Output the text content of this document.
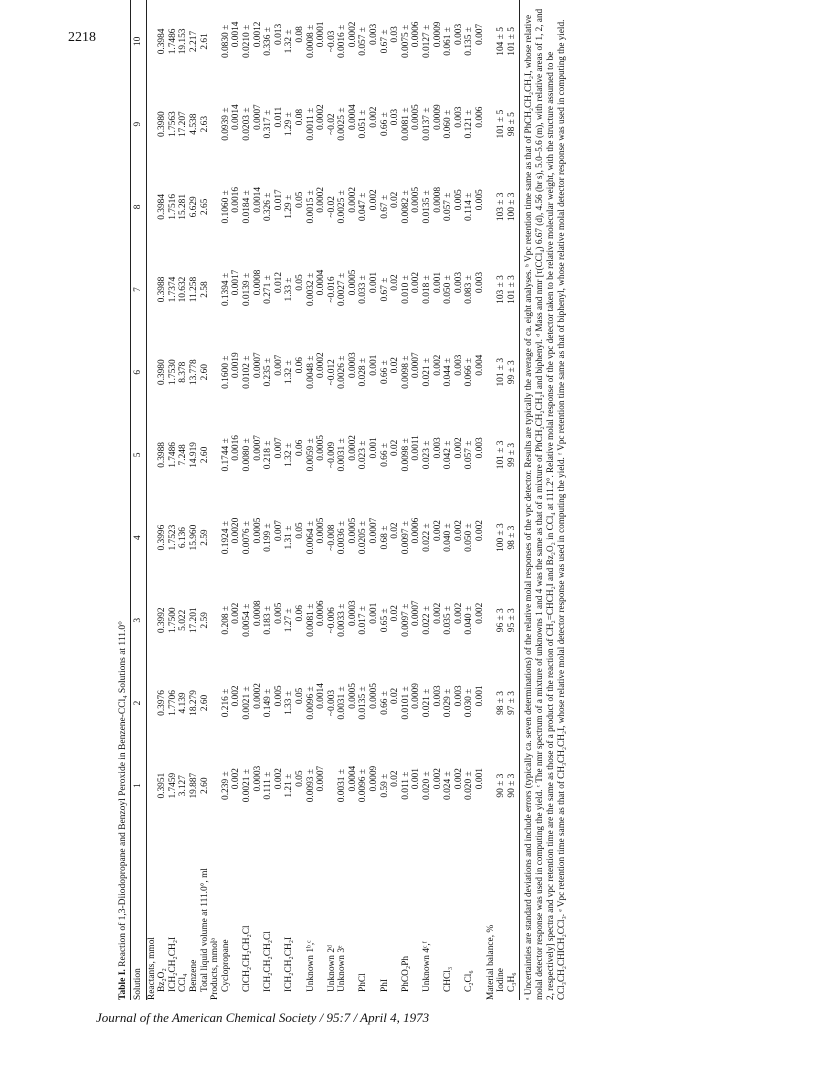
2218
Table I. Reaction of 1,3-Diiodopropane and Benzoyl Peroxide in Benzene-CCl₄ Solutions at 111.0°
Solution	1	2	3	4	5	6	7	8	9	10
Reactants, mmol										
Bz₂O₂	0.3951	0.3976	0.3992	0.3996	0.3988	0.3980	0.3988	0.3984	0.3980	0.3984
ICH₂CH₂CH₂I	1.7459	1.7706	1.7500	1.7523	1.7486	1.7530	1.7374	1.7516	1.7563	1.7486
CCl₄	3.127	4.139	5.022	6.136	7.248	8.378	10.632	15.281	17.207	19.153
Benzene	19.887	18.279	17.201	15.960	14.919	13.778	11.258	6.629	4.538	2.217
Total liquid volume at 111.0°, ml	2.60	2.60	2.59	2.59	2.60	2.60	2.58	2.65	2.63	2.61
Products, mmolᵃ										
Cyclopropane	0.239 ± 0.002	0.216 ± 0.002	0.208 ± 0.002	0.1924 ± 0.0020	0.1744 ± 0.0016	0.1600 ± 0.0019	0.1394 ± 0.0017	0.1060 ± 0.0016	0.0939 ± 0.0014	0.0830 ± 0.0014

ClCH₂CH₂CH₂Cl	0.0021 ± 0.0003	0.0021 ± 0.0002	0.0054 ± 0.0008	0.0076 ± 0.0005	0.0080 ± 0.0007	0.0102 ± 0.0007	0.0139 ± 0.0008	0.0184 ± 0.0014	0.0203 ± 0.0007	0.0210 ± 0.0012

ICH₂CH₂CH₂Cl	0.111 ± 0.002	0.149 ± 0.005	0.183 ± 0.005	0.199 ± 0.007	0.218 ± 0.007	0.235 ± 0.007	0.271 ± 0.012	0.326 ± 0.017	0.317 ± 0.011	0.336 ± 0.013

ICH₂CH₂CH₂I	1.21 ± 0.05	1.33 ± 0.05	1.27 ± 0.06	1.31 ± 0.05	1.32 ± 0.06	1.32 ± 0.06	1.33 ± 0.05	1.29 ± 0.05	1.29 ± 0.08	1.32 ± 0.08

Unknown 1ᵇ,ᶜ	0.0093 ± 0.0007	0.0096 ± 0.0014	0.0081 ± 0.0006	0.0064 ± 0.0005	0.0059 ± 0.0005	0.0048 ± 0.0002	0.0032 ± 0.0004	0.0015 ± 0.0002	0.0011 ± 0.0002	0.0008 ± 0.0001

Unknown 2ᵈ		~0.003	~0.006	~0.008	~0.009	~0.012	~0.016	~0.02	~0.02	~0.03

Unknown 3ᵉ	0.0031 ± 0.0004	0.0031 ± 0.0005	0.0033 ± 0.0003	0.0036 ± 0.0005	0.0031 ± 0.0002	0.0026 ± 0.0003	0.0027 ± 0.0005	0.0025 ± 0.0002	0.0025 ± 0.0004	0.0016 ± 0.0002

PhCl	0.0096 ± 0.0009	0.0135 ± 0.0005	0.017 ± 0.001	0.0205 ± 0.0007	0.023 ± 0.001	0.028 ± 0.001	0.033 ± 0.001	0.047 ± 0.002	0.051 ± 0.002	0.057 ± 0.003

PhI	0.59 ± 0.02	0.66 ± 0.02	0.65 ± 0.02	0.68 ± 0.02	0.66 ± 0.02	0.66 ± 0.02	0.67 ± 0.02	0.67 ± 0.02	0.66 ± 0.03	0.67 ± 0.03

PhCO₂Ph	0.011 ± 0.001	0.0101 ± 0.0009	0.0097 ± 0.0007	0.0097 ± 0.0006	0.0098 ± 0.0011	0.0098 ± 0.0007	0.010 ± 0.002	0.0082 ± 0.0005	0.0081 ± 0.0005	0.0075 ± 0.0006

Unknown 4ᶜ,ᶠ	0.020 ± 0.002	0.021 ± 0.003	0.022 ± 0.002	0.022 ± 0.002	0.023 ± 0.003	0.021 ± 0.002	0.018 ± 0.001	0.0135 ± 0.0008	0.0137 ± 0.0009	0.0127 ± 0.0009

CHCl₃	0.024 ± 0.002	0.029 ± 0.003	0.035 ± 0.002	0.040 ± 0.002	0.042 ± 0.002	0.044 ± 0.003	0.050 ± 0.003	0.057 ± 0.005	0.060 ± 0.003	0.061 ± 0.003

C₂Cl₆	0.020 ± 0.001	0.030 ± 0.001	0.040 ± 0.002	0.050 ± 0.002	0.057 ± 0.003	0.066 ± 0.004	0.083 ± 0.003	0.114 ± 0.005	0.121 ± 0.006	0.135 ± 0.007

Material balance, %										
Iodine	90 ± 3	98 ± 3	96 ± 3	100 ± 3	101 ± 3	101 ± 3	103 ± 3	103 ± 3	101 ± 5	104 ± 5
C₃H₆	90 ± 3	97 ± 3	95 ± 3	98 ± 3	99 ± 3	99 ± 3	101 ± 3	100 ± 3	98 ± 5	101 ± 5 ᵃ Uncertainties are standard deviations and include errors (typically ca. seven determinations) of the relative molal responses of the vpc detector. Results are typically the average of ca. eight analyses. ᵇ Vpc retention time same as that of PhCH₂CH₂CH₂I, whose relative molal detector response was used in computing the yield. ᶜ The nmr spectrum of a mixture of unknowns 1 and 4 was the same as that of a mixture of PhCH₂CH₂CH₂I and biphenyl. ᵈ Mass and nmr [τ(CCl₄) 6.67 (d), 4.56 (br s), 5.0–5.6 (m), with relative areas of 1, 2, and 2, respectively] spectra and vpc retention time are the same as those of a product of the reaction of CH₂=CHCH₂I and Bz₂O₂ in CCl₄ at 111.2°. Relative molal response of the vpc detector taken to be relative molecular weight, with the structure assumed to be CCl₃CH₂CHICH₂CCl₃. ᵉ Vpc retention time same as that of CH₃CH₂CH₂I, whose relative molal detector response was used in computing the yield. ᶠ Vpc retention time same as that of biphenyl, whose relative molal detector response was used in computing the yield.

Journal of the American Chemical Society / 95:7 / April 4, 1973
